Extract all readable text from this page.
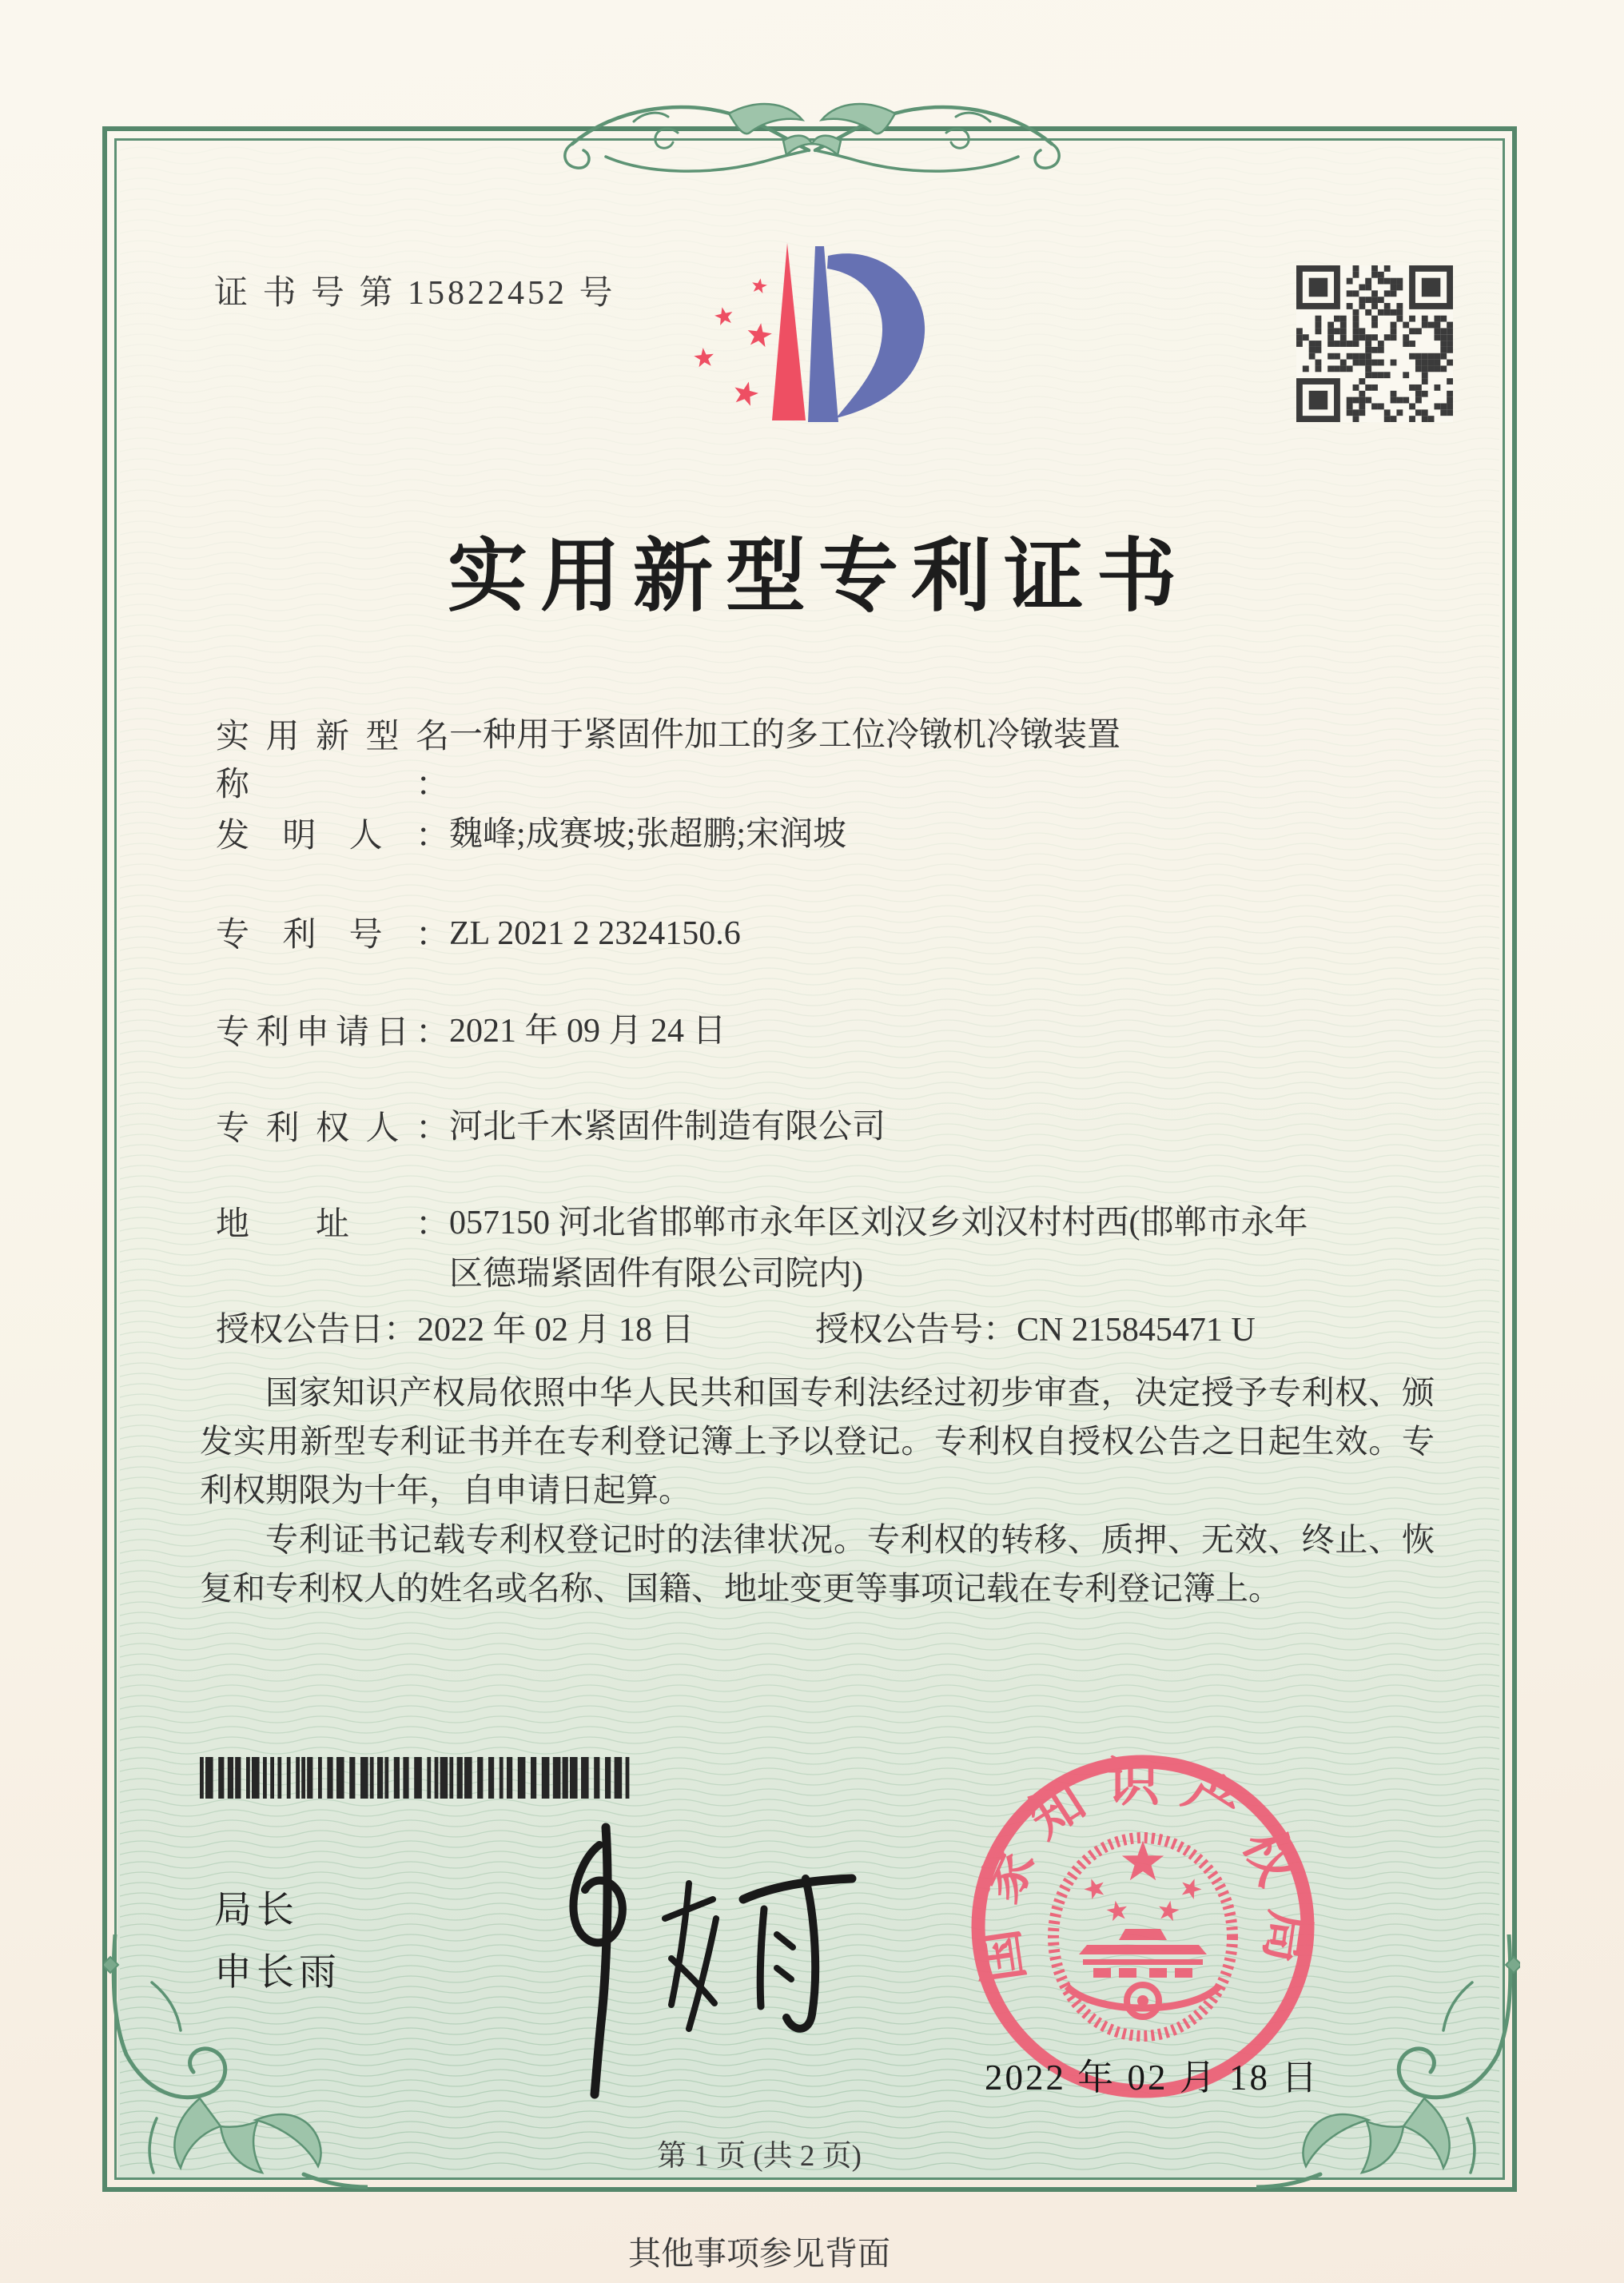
证 书 号 第 15822452 号
实用新型专利证书
实用新型名称：
一种用于紧固件加工的多工位冷镦机冷镦装置
发明人： 魏峰;成赛坡;张超鹏;宋润坡
专利号： ZL 2021 2 2324150.6
专利申请日： 2021 年 09 月 24 日
专利权人： 河北千木紧固件制造有限公司
地址： 057150 河北省邯郸市永年区刘汉乡刘汉村村西(邯郸市永年区德瑞紧固件有限公司院内)
授权公告日：2022 年 02 月 18 日	授权公告号：CN 215845471 U
国家知识产权局依照中华人民共和国专利法经过初步审查，决定授予专利权、颁发实用新型专利证书并在专利登记簿上予以登记。专利权自授权公告之日起生效。专利权期限为十年，自申请日起算。
专利证书记载专利权登记时的法律状况。专利权的转移、质押、无效、终止、恢复和专利权人的姓名或名称、国籍、地址变更等事项记载在专利登记簿上。
局长
申长雨	国家知识产权局
2022 年 02 月 18 日
第 1 页 (共 2 页)
其他事项参见背面
